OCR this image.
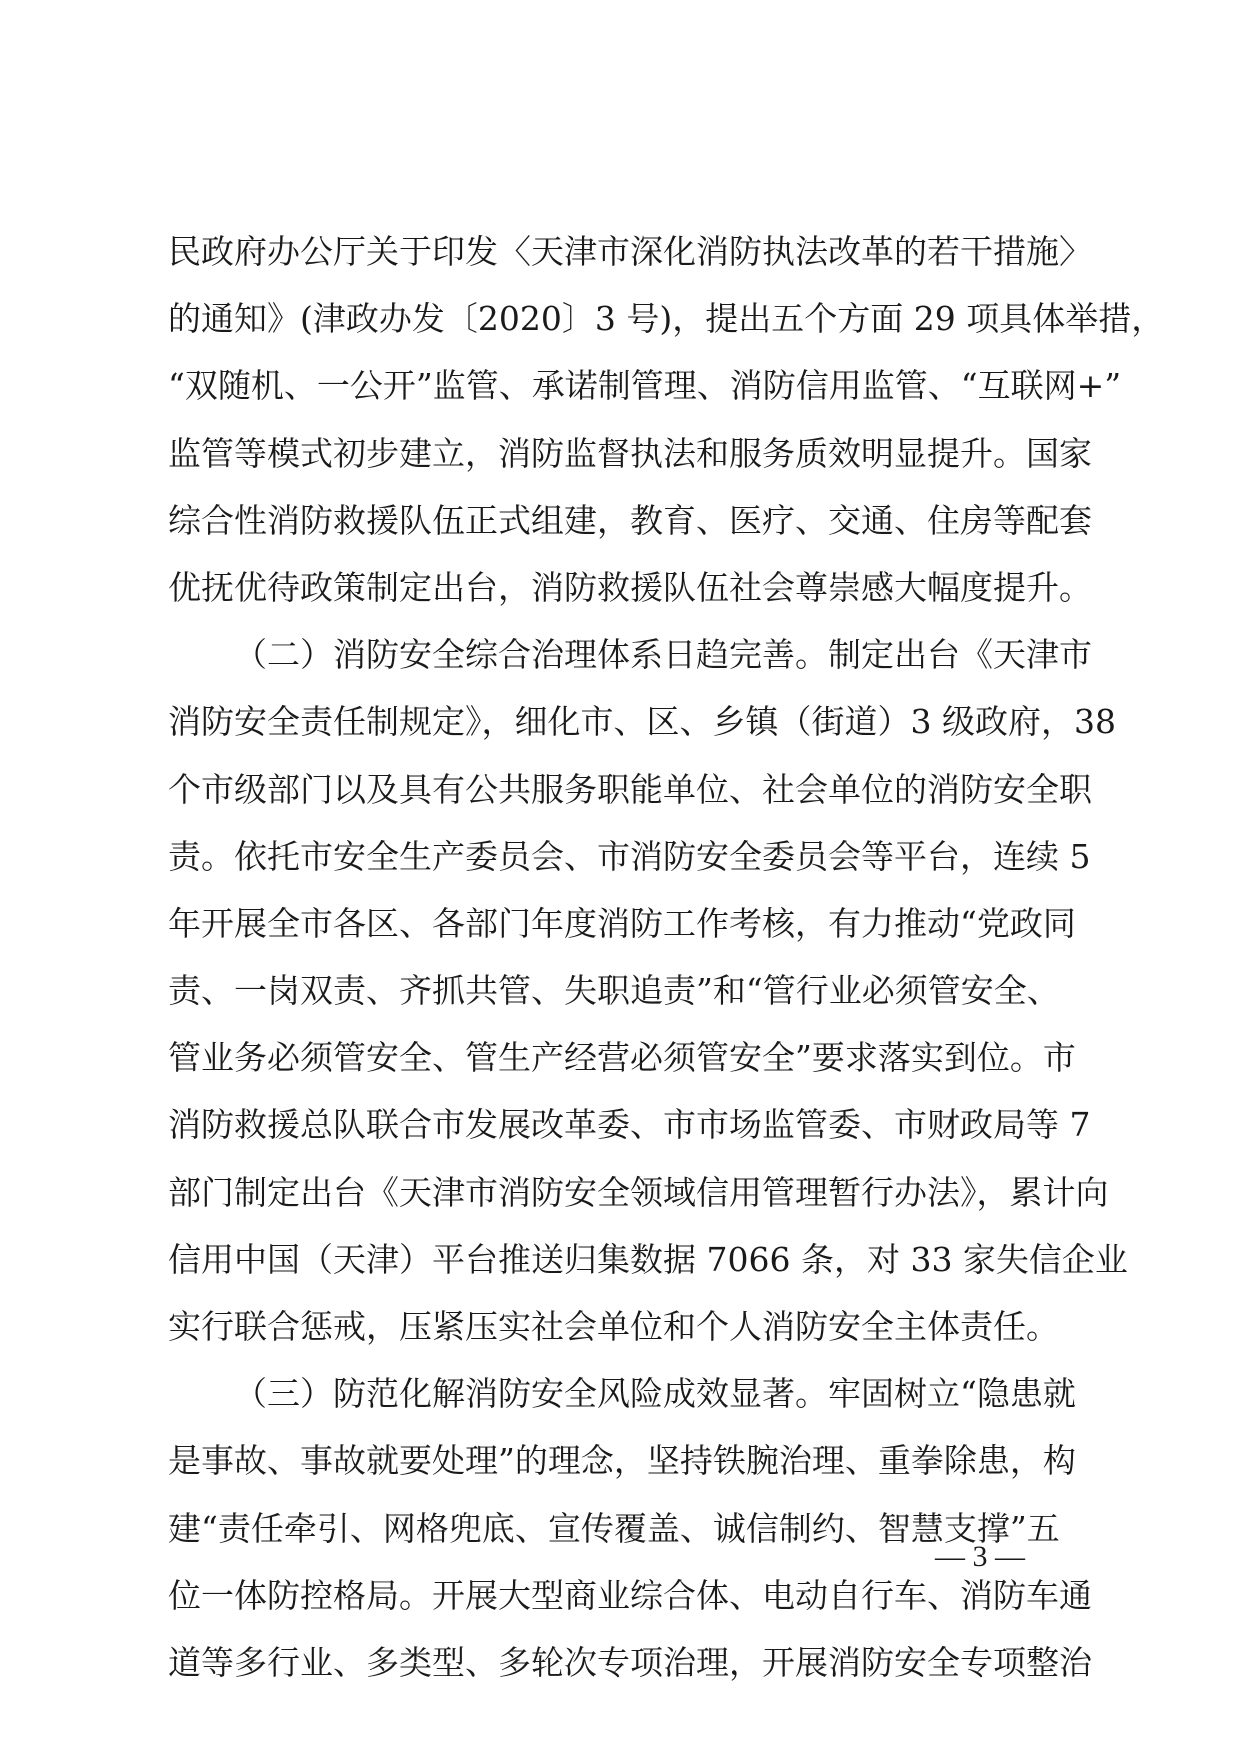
民政府办公厅关于印发〈天津市深化消防执法改革的若干措施〉
的通知》(津政办发〔2020〕3 号)，提出五个方面 29 项具体举措，
“双随机、一公开”监管、承诺制管理、消防信用监管、“互联网+”
监管等模式初步建立，消防监督执法和服务质效明显提升。国家
综合性消防救援队伍正式组建，教育、医疗、交通、住房等配套
优抚优待政策制定出台，消防救援队伍社会尊崇感大幅度提升。
（二）消防安全综合治理体系日趋完善。制定出台《天津市
消防安全责任制规定》，细化市、区、乡镇（街道）3 级政府，38
个市级部门以及具有公共服务职能单位、社会单位的消防安全职
责。依托市安全生产委员会、市消防安全委员会等平台，连续 5
年开展全市各区、各部门年度消防工作考核，有力推动“党政同
责、一岗双责、齐抓共管、失职追责”和“管行业必须管安全、
管业务必须管安全、管生产经营必须管安全”要求落实到位。市
消防救援总队联合市发展改革委、市市场监管委、市财政局等 7
部门制定出台《天津市消防安全领域信用管理暂行办法》，累计向
信用中国（天津）平台推送归集数据 7066 条，对 33 家失信企业
实行联合惩戒，压紧压实社会单位和个人消防安全主体责任。
（三）防范化解消防安全风险成效显著。牢固树立“隐患就
是事故、事故就要处理”的理念，坚持铁腕治理、重拳除患，构
建“责任牵引、网格兜底、宣传覆盖、诚信制约、智慧支撑”五
位一体防控格局。开展大型商业综合体、电动自行车、消防车通
道等多行业、多类型、多轮次专项治理，开展消防安全专项整治
— 3 —
